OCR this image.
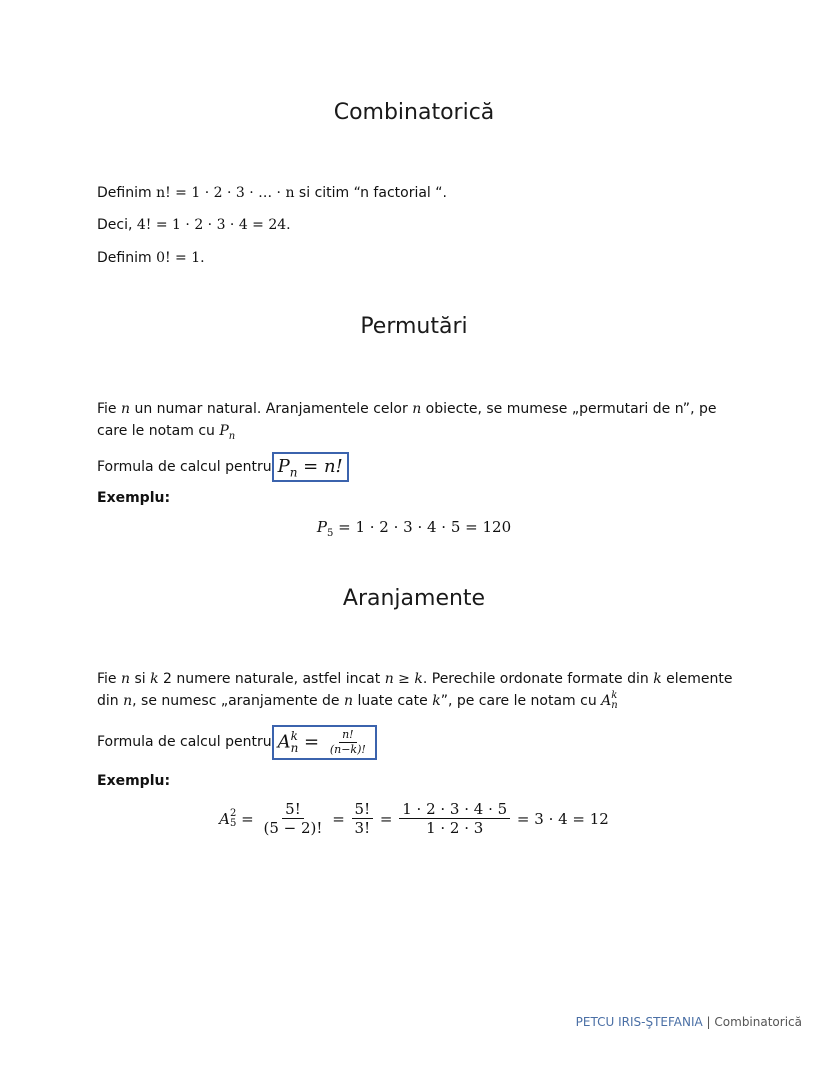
Combinatorică
Definim n! = 1 · 2 · 3 · … · n si citim “n factorial “.
Deci, 4! = 1 · 2 · 3 · 4 = 24.
Definim 0! = 1.
Permutări
Fie n un numar natural. Aranjamentele celor n obiecte, se mumese „permutari de n”, pe care le notam cu $P_n$
Formula de calcul pentru $P_n = n$!
Exemplu:
$P_5 = 1 \cdot 2 \cdot 3 \cdot 4 \cdot 5 = 120$
Aranjamente
Fie n si k 2 numere naturale, astfel incat n ≥ k. Perechile ordonate formate din k elemente din n, se numesc „aranjamente de n luate cate k”, pe care le notam cu A k
n
Formula de calcul pentru A k
$n = \frac{n!}{(n-k)!}$
Exemplu:
A 2
$5 = \frac{5!}{(5 - 2)!} = \frac{5!}{3!} = \frac{1 \cdot 2 \cdot 3 \cdot 4 \cdot 5}{1 \cdot 2 \cdot 3} = 3 \cdot 4 = 12$
PETCU IRIS-ŞTEFANIA | Combinatorică
